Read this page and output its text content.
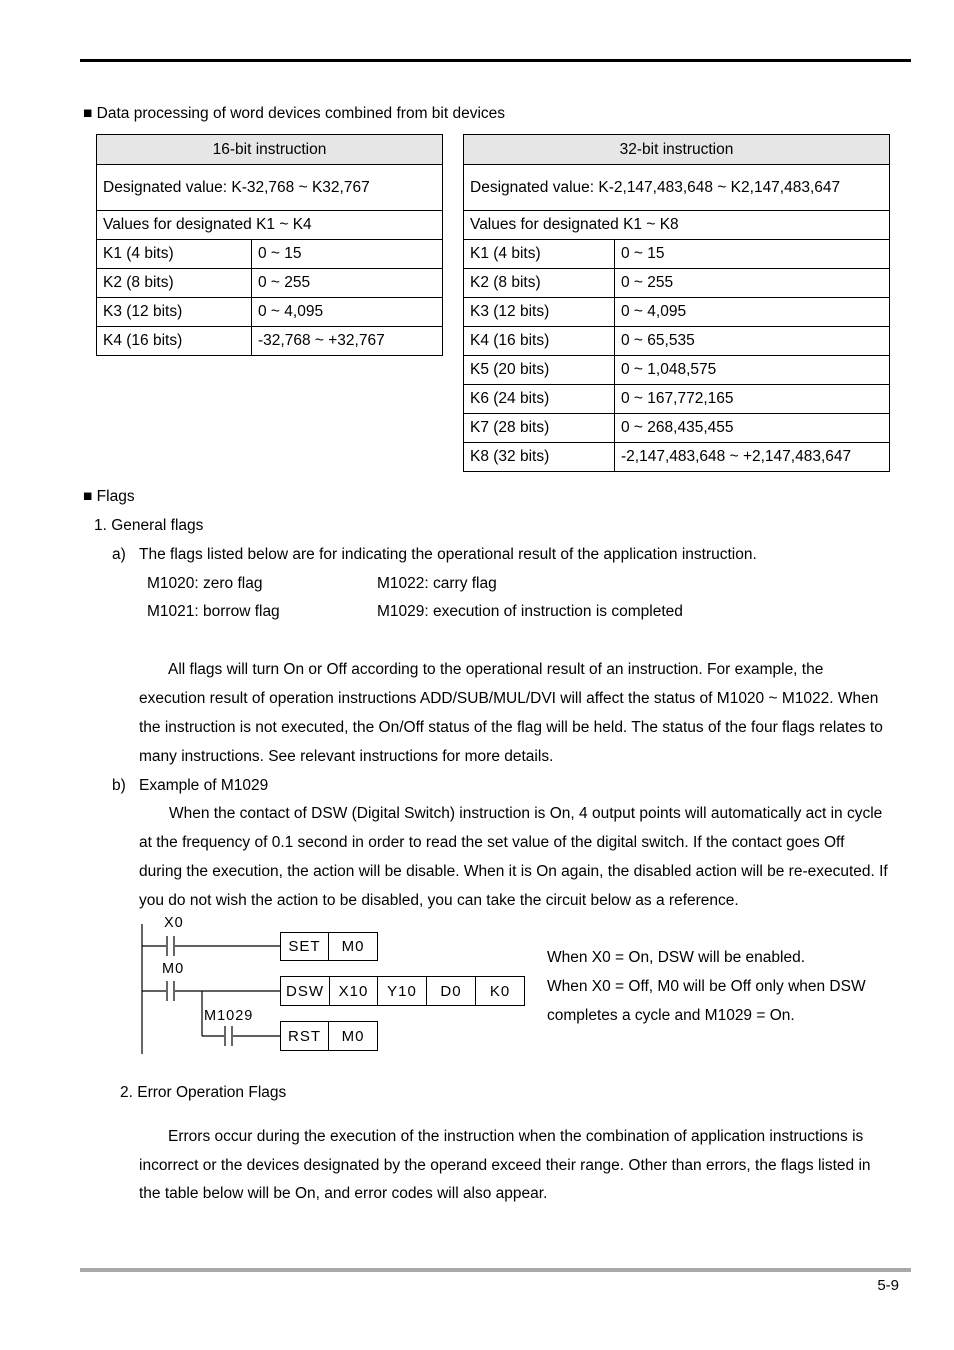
■ Data processing of word devices combined from bit devices
16-bit instruction	
Designated value: K-32,768 ~ K32,767	
Values for designated K1 ~ K4	
K1 (4 bits)	0 ~ 15
K2 (8 bits)	0 ~ 255
K3 (12 bits)	0 ~ 4,095
K4 (16 bits)	-32,768 ~ +32,767
32-bit instruction	
Designated value: K-2,147,483,648 ~ K2,147,483,647	
Values for designated K1 ~ K8	
K1 (4 bits)	0 ~ 15
K2 (8 bits)	0 ~ 255
K3 (12 bits)	0 ~ 4,095
K4 (16 bits)	0 ~ 65,535
K5 (20 bits)	0 ~ 1,048,575
K6 (24 bits)	0 ~ 167,772,165
K7 (28 bits)	0 ~ 268,435,455
K8 (32 bits)	-2,147,483,648 ~ +2,147,483,647
■ Flags
1. General flags
a) The flags listed below are for indicating the operational result of the application instruction.
M1020: zero flag	M1022: carry flag
M1021: borrow flag	M1029: execution of instruction is completed
All flags will turn On or Off according to the operational result of an instruction. For example, the
execution result of operation instructions ADD/SUB/MUL/DVI will affect the status of M1020 ~ M1022. When
the instruction is not executed, the On/Off status of the flag will be held. The status of the four flags relates to
many instructions. See relevant instructions for more details.
b) Example of M1029
When the contact of DSW (Digital Switch) instruction is On, 4 output points will automatically act in cycle
at the frequency of 0.1 second in order to read the set value of the digital switch. If the contact goes Off
during the execution, the action will be disable. When it is On again, the disabled action will be re-executed. If
you do not wish the action to be disabled, you can take the circuit below as a reference.
X0
M0
M1029
SET	M0
DSW X10	Y10	D0	K0
RST	M0
When X0 = On, DSW will be enabled.
When X0 = Off, M0 will be Off only when DSW
completes a cycle and M1029 = On.
2. Error Operation Flags
Errors occur during the execution of the instruction when the combination of application instructions is
incorrect or the devices designated by the operand exceed their range. Other than errors, the flags listed in
the table below will be On, and error codes will also appear.
5-9
